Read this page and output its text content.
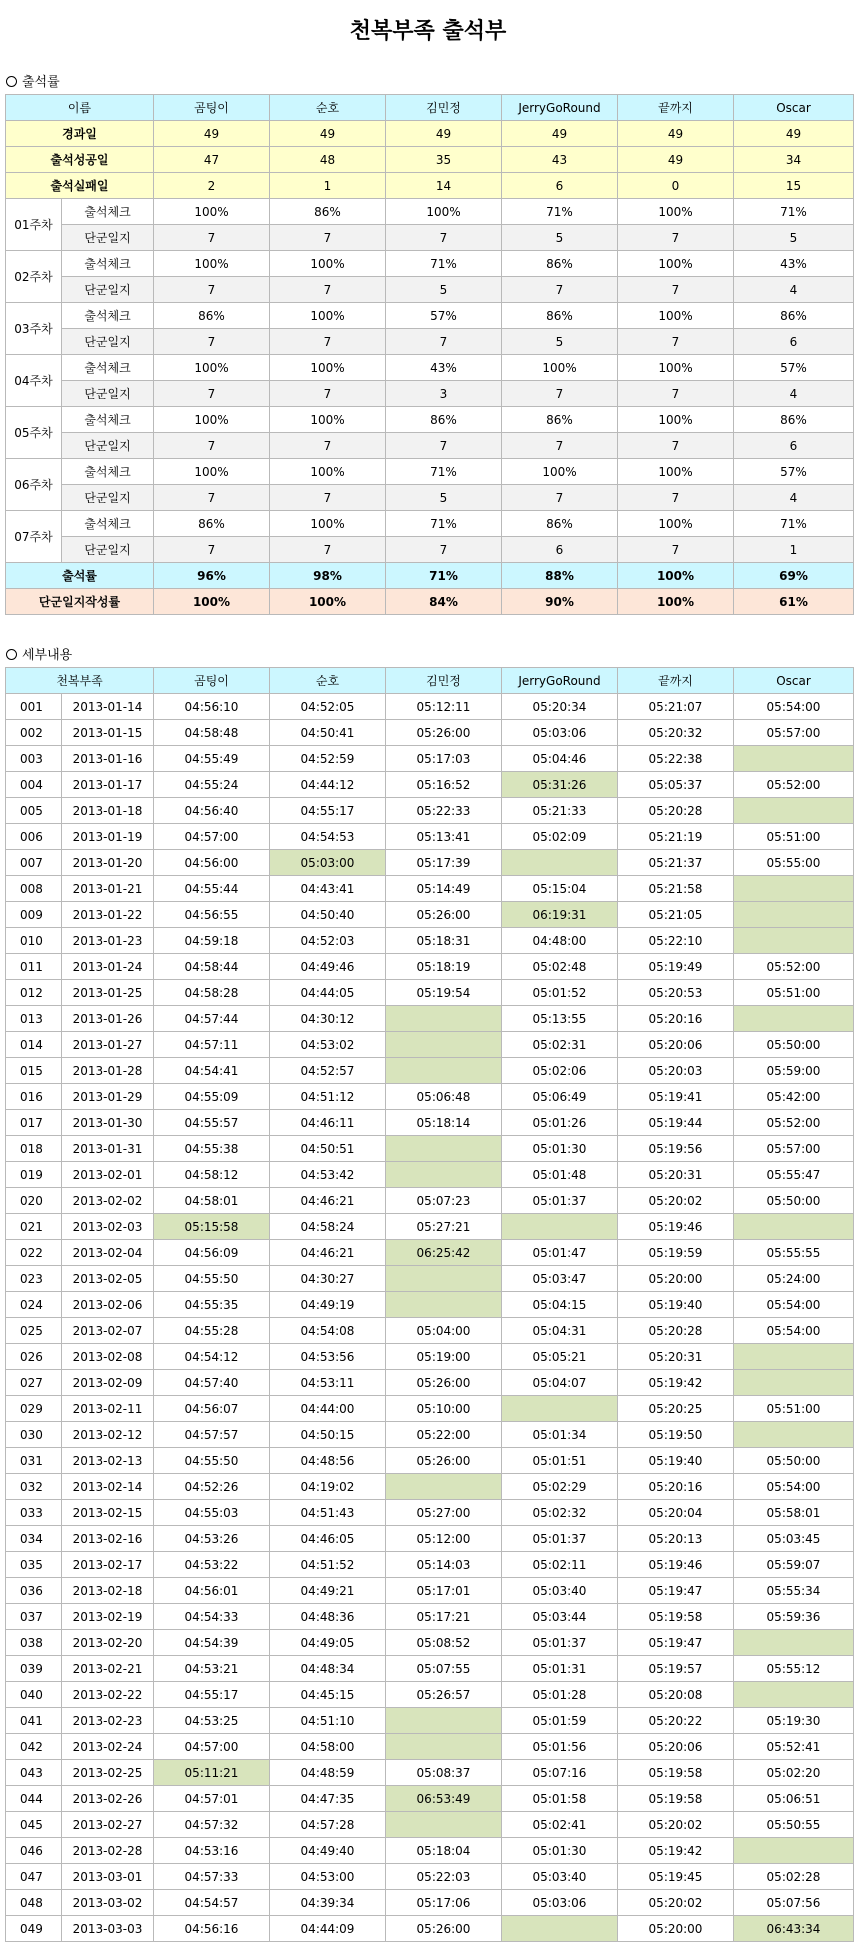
천복부족 출석부
출석률
이름		곰팅이	순호	김민정	JerryGoRound	끝까지	Oscar
경과일		49	49	49	49	49	49
출석성공일		47	48	35	43	49	34
출석실패일		2	1	14	6	0	15
01주차	출석체크	100%	86%	100%	71%	100%	71%
	단군일지	7	7	7	5	7	5
02주차	출석체크	100%	100%	71%	86%	100%	43%
	단군일지	7	7	5	7	7	4
03주차	출석체크	86%	100%	57%	86%	100%	86%
	단군일지	7	7	7	5	7	6
04주차	출석체크	100%	100%	43%	100%	100%	57%
	단군일지	7	7	3	7	7	4
05주차	출석체크	100%	100%	86%	86%	100%	86%
	단군일지	7	7	7	7	7	6
06주차	출석체크	100%	100%	71%	100%	100%	57%
	단군일지	7	7	5	7	7	4
07주차	출석체크	86%	100%	71%	86%	100%	71%
	단군일지	7	7	7	6	7	1
출석률		96%	98%	71%	88%	100%	69%
단군일지작성률		100%	100%	84%	90%	100%	61%
세부내용
천복부족		곰팅이	순호	김민정	JerryGoRound	끝까지	Oscar
001	2013-01-14	04:56:10	04:52:05	05:12:11	05:20:34	05:21:07	05:54:00
002	2013-01-15	04:58:48	04:50:41	05:26:00	05:03:06	05:20:32	05:57:00
003	2013-01-16	04:55:49	04:52:59	05:17:03	05:04:46	05:22:38	
004	2013-01-17	04:55:24	04:44:12	05:16:52	05:31:26	05:05:37	05:52:00
005	2013-01-18	04:56:40	04:55:17	05:22:33	05:21:33	05:20:28	
006	2013-01-19	04:57:00	04:54:53	05:13:41	05:02:09	05:21:19	05:51:00
007	2013-01-20	04:56:00	05:03:00	05:17:39		05:21:37	05:55:00
008	2013-01-21	04:55:44	04:43:41	05:14:49	05:15:04	05:21:58	
009	2013-01-22	04:56:55	04:50:40	05:26:00	06:19:31	05:21:05	
010	2013-01-23	04:59:18	04:52:03	05:18:31	04:48:00	05:22:10	
011	2013-01-24	04:58:44	04:49:46	05:18:19	05:02:48	05:19:49	05:52:00
012	2013-01-25	04:58:28	04:44:05	05:19:54	05:01:52	05:20:53	05:51:00
013	2013-01-26	04:57:44	04:30:12		05:13:55	05:20:16	
014	2013-01-27	04:57:11	04:53:02		05:02:31	05:20:06	05:50:00
015	2013-01-28	04:54:41	04:52:57		05:02:06	05:20:03	05:59:00
016	2013-01-29	04:55:09	04:51:12	05:06:48	05:06:49	05:19:41	05:42:00
017	2013-01-30	04:55:57	04:46:11	05:18:14	05:01:26	05:19:44	05:52:00
018	2013-01-31	04:55:38	04:50:51		05:01:30	05:19:56	05:57:00
019	2013-02-01	04:58:12	04:53:42		05:01:48	05:20:31	05:55:47
020	2013-02-02	04:58:01	04:46:21	05:07:23	05:01:37	05:20:02	05:50:00
021	2013-02-03	05:15:58	04:58:24	05:27:21		05:19:46	
022	2013-02-04	04:56:09	04:46:21	06:25:42	05:01:47	05:19:59	05:55:55
023	2013-02-05	04:55:50	04:30:27		05:03:47	05:20:00	05:24:00
024	2013-02-06	04:55:35	04:49:19		05:04:15	05:19:40	05:54:00
025	2013-02-07	04:55:28	04:54:08	05:04:00	05:04:31	05:20:28	05:54:00
026	2013-02-08	04:54:12	04:53:56	05:19:00	05:05:21	05:20:31	
027	2013-02-09	04:57:40	04:53:11	05:26:00	05:04:07	05:19:42	
029	2013-02-11	04:56:07	04:44:00	05:10:00		05:20:25	05:51:00
030	2013-02-12	04:57:57	04:50:15	05:22:00	05:01:34	05:19:50	
031	2013-02-13	04:55:50	04:48:56	05:26:00	05:01:51	05:19:40	05:50:00
032	2013-02-14	04:52:26	04:19:02		05:02:29	05:20:16	05:54:00
033	2013-02-15	04:55:03	04:51:43	05:27:00	05:02:32	05:20:04	05:58:01
034	2013-02-16	04:53:26	04:46:05	05:12:00	05:01:37	05:20:13	05:03:45
035	2013-02-17	04:53:22	04:51:52	05:14:03	05:02:11	05:19:46	05:59:07
036	2013-02-18	04:56:01	04:49:21	05:17:01	05:03:40	05:19:47	05:55:34
037	2013-02-19	04:54:33	04:48:36	05:17:21	05:03:44	05:19:58	05:59:36
038	2013-02-20	04:54:39	04:49:05	05:08:52	05:01:37	05:19:47	
039	2013-02-21	04:53:21	04:48:34	05:07:55	05:01:31	05:19:57	05:55:12
040	2013-02-22	04:55:17	04:45:15	05:26:57	05:01:28	05:20:08	
041	2013-02-23	04:53:25	04:51:10		05:01:59	05:20:22	05:19:30
042	2013-02-24	04:57:00	04:58:00		05:01:56	05:20:06	05:52:41
043	2013-02-25	05:11:21	04:48:59	05:08:37	05:07:16	05:19:58	05:02:20
044	2013-02-26	04:57:01	04:47:35	06:53:49	05:01:58	05:19:58	05:06:51
045	2013-02-27	04:57:32	04:57:28		05:02:41	05:20:02	05:50:55
046	2013-02-28	04:53:16	04:49:40	05:18:04	05:01:30	05:19:42	
047	2013-03-01	04:57:33	04:53:00	05:22:03	05:03:40	05:19:45	05:02:28
048	2013-03-02	04:54:57	04:39:34	05:17:06	05:03:06	05:20:02	05:07:56
049	2013-03-03	04:56:16	04:44:09	05:26:00		05:20:00	06:43:34
